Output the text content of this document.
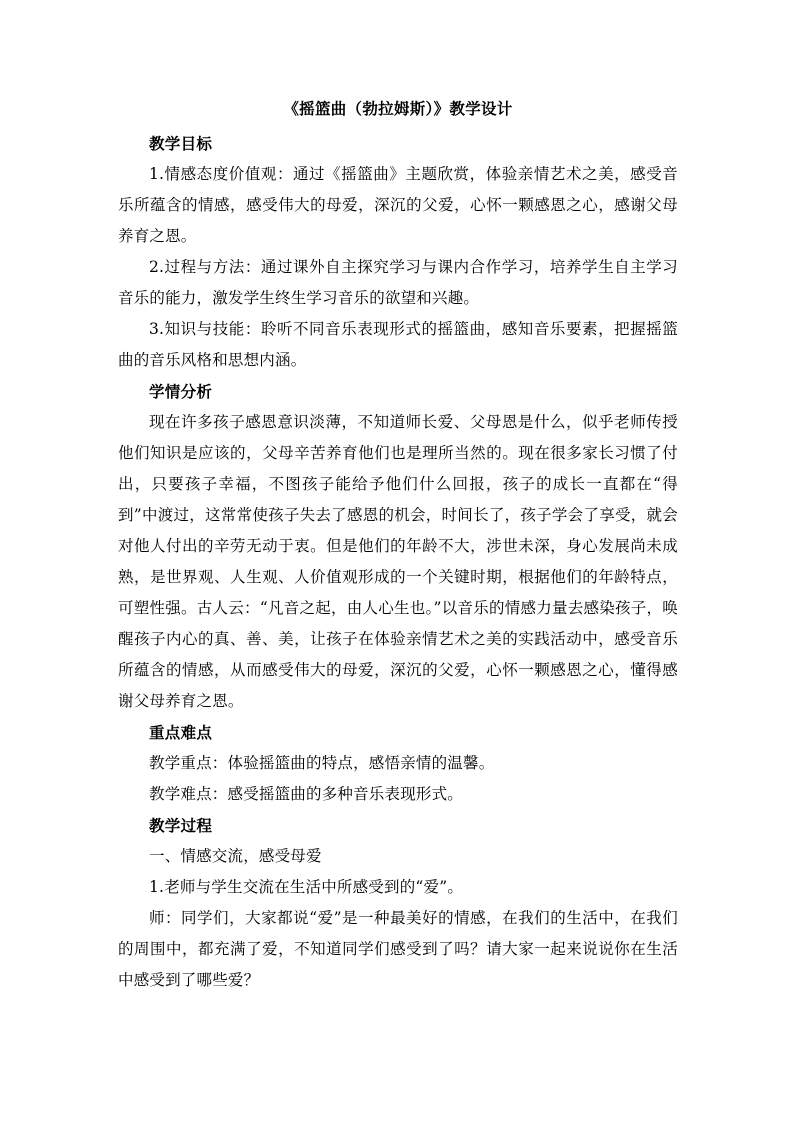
《摇篮曲（勃拉姆斯）》教学设计

教学目标

1.情感态度价值观：通过《摇篮曲》主题欣赏，体验亲情艺术之美，感受音乐所蕴含的情感，感受伟大的母爱，深沉的父爱，心怀一颗感恩之心，感谢父母养育之恩。

2.过程与方法：通过课外自主探究学习与课内合作学习，培养学生自主学习音乐的能力，激发学生终生学习音乐的欲望和兴趣。

3.知识与技能：聆听不同音乐表现形式的摇篮曲，感知音乐要素，把握摇篮曲的音乐风格和思想内涵。

学情分析

现在许多孩子感恩意识淡薄，不知道师长爱、父母恩是什么，似乎老师传授他们知识是应该的，父母辛苦养育他们也是理所当然的。现在很多家长习惯了付出，只要孩子幸福，不图孩子能给予他们什么回报，孩子的成长一直都在“得到”中渡过，这常常使孩子失去了感恩的机会，时间长了，孩子学会了享受，就会对他人付出的辛劳无动于衷。但是他们的年龄不大，涉世未深，身心发展尚未成熟，是世界观、人生观、人价值观形成的一个关键时期，根据他们的年龄特点，可塑性强。古人云：“凡音之起，由人心生也。”以音乐的情感力量去感染孩子，唤醒孩子内心的真、善、美，让孩子在体验亲情艺术之美的实践活动中，感受音乐所蕴含的情感，从而感受伟大的母爱，深沉的父爱，心怀一颗感恩之心，懂得感谢父母养育之恩。

重点难点

教学重点：体验摇篮曲的特点，感悟亲情的温馨。

教学难点：感受摇篮曲的多种音乐表现形式。

教学过程

一、情感交流，感受母爱

1.老师与学生交流在生活中所感受到的“爱”。

师：同学们，大家都说“爱”是一种最美好的情感，在我们的生活中，在我们的周围中，都充满了爱，不知道同学们感受到了吗？请大家一起来说说你在生活中感受到了哪些爱？
